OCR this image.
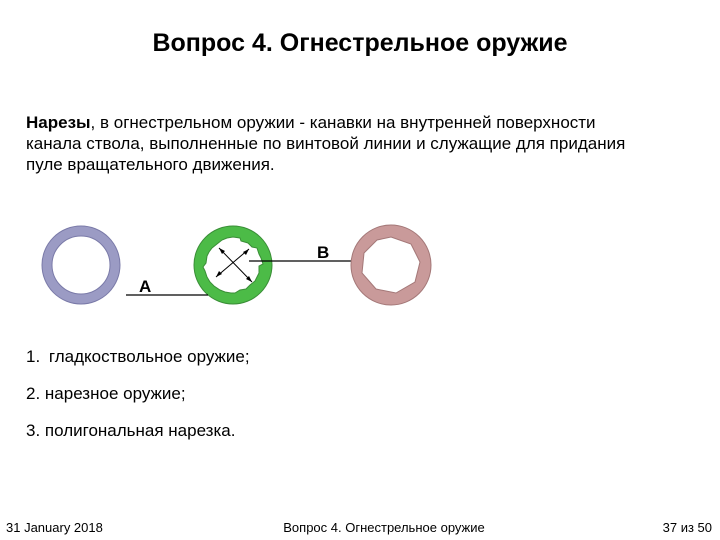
Вопрос 4. Огнестрельное оружие
Нарезы, в огнестрельном оружии - канавки на внутренней поверхности канала ствола, выполненные по винтовой линии и служащие для придания пуле вращательного движения.
В
А
1. гладкоствольное оружие;
2. нарезное оружие;
3. полигональная нарезка.
31 January 2018	Вопрос 4. Огнестрельное оружие	37 из 50
